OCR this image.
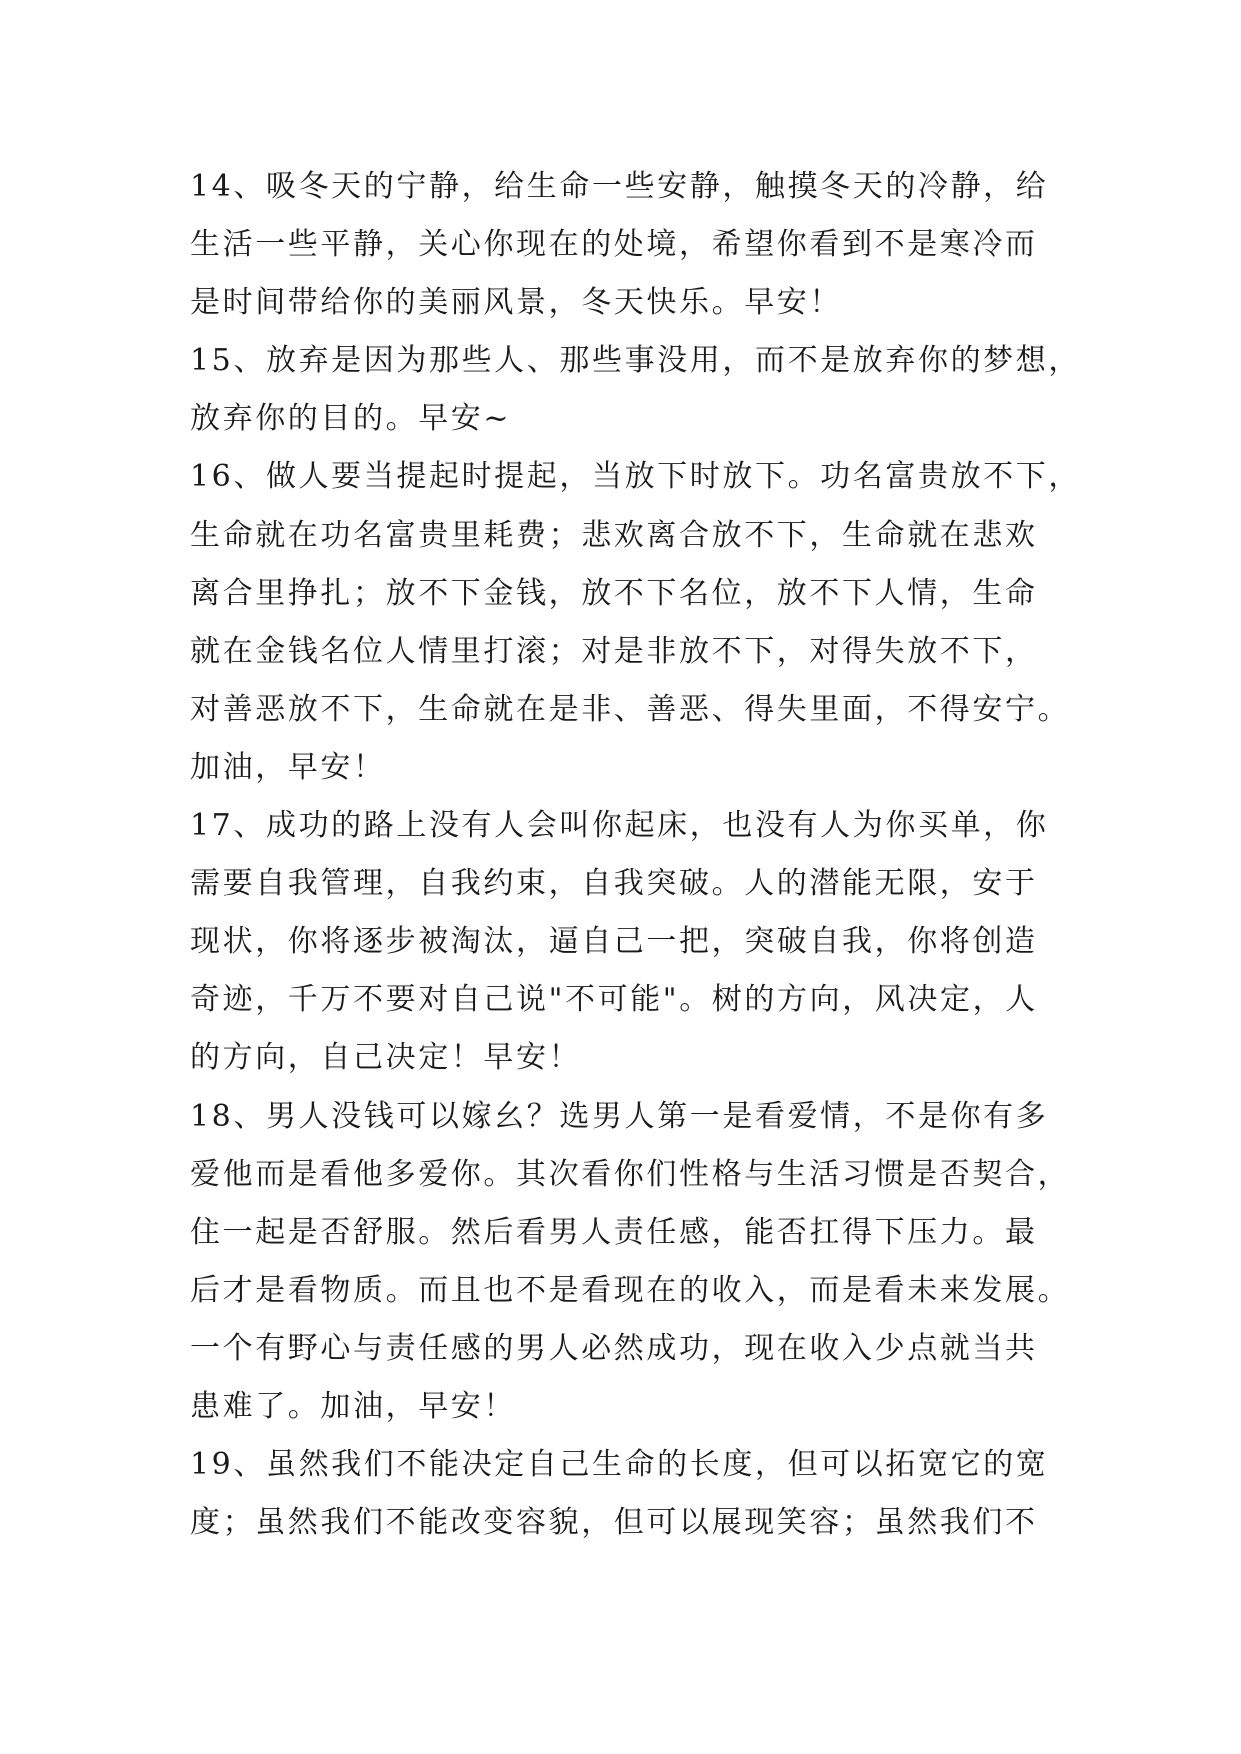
14、吸冬天的宁静，给生命一些安静，触摸冬天的冷静，给
生活一些平静，关心你现在的处境，希望你看到不是寒冷而
是时间带给你的美丽风景，冬天快乐。早安！
15、放弃是因为那些人、那些事没用，而不是放弃你的梦想，
放弃你的目的。早安~
16、做人要当提起时提起，当放下时放下。功名富贵放不下，
生命就在功名富贵里耗费；悲欢离合放不下，生命就在悲欢
离合里挣扎；放不下金钱，放不下名位，放不下人情，生命
就在金钱名位人情里打滚；对是非放不下，对得失放不下，
对善恶放不下，生命就在是非、善恶、得失里面，不得安宁。
加油，早安！
17、成功的路上没有人会叫你起床，也没有人为你买单，你
需要自我管理，自我约束，自我突破。人的潜能无限，安于
现状，你将逐步被淘汰，逼自己一把，突破自我，你将创造
奇迹，千万不要对自己说"不可能"。树的方向，风决定，人
的方向，自己决定！早安！
18、男人没钱可以嫁幺？选男人第一是看爱情，不是你有多
爱他而是看他多爱你。其次看你们性格与生活习惯是否契合，
住一起是否舒服。然后看男人责任感，能否扛得下压力。最
后才是看物质。而且也不是看现在的收入，而是看未来发展。
一个有野心与责任感的男人必然成功，现在收入少点就当共
患难了。加油，早安！
19、虽然我们不能决定自己生命的长度，但可以拓宽它的宽
度；虽然我们不能改变容貌，但可以展现笑容；虽然我们不
